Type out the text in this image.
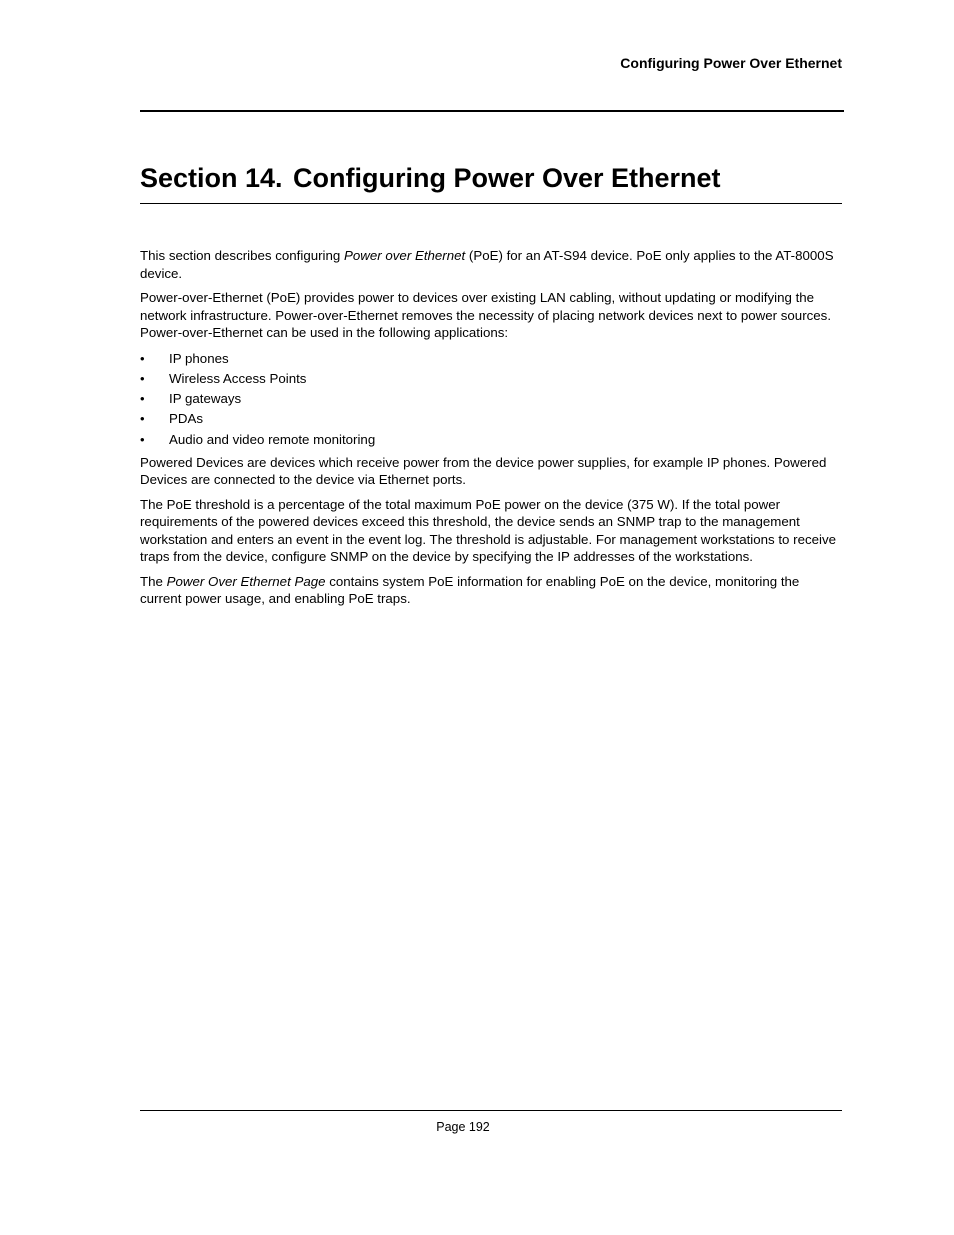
Configuring Power Over Ethernet
Section 14. Configuring Power Over Ethernet

This section describes configuring Power over Ethernet (PoE) for an AT-S94 device. PoE only applies to the AT-8000S device.

Power-over-Ethernet (PoE) provides power to devices over existing LAN cabling, without updating or modifying the network infrastructure. Power-over-Ethernet removes the necessity of placing network devices next to power sources. Power-over-Ethernet can be used in the following applications:

• IP phones
• Wireless Access Points
• IP gateways
• PDAs
• Audio and video remote monitoring

Powered Devices are devices which receive power from the device power supplies, for example IP phones. Powered Devices are connected to the device via Ethernet ports.

The PoE threshold is a percentage of the total maximum PoE power on the device (375 W). If the total power requirements of the powered devices exceed this threshold, the device sends an SNMP trap to the management workstation and enters an event in the event log. The threshold is adjustable. For management workstations to receive traps from the device, configure SNMP on the device by specifying the IP addresses of the workstations.

The Power Over Ethernet Page contains system PoE information for enabling PoE on the device, monitoring the current power usage, and enabling PoE traps.

Page 192
